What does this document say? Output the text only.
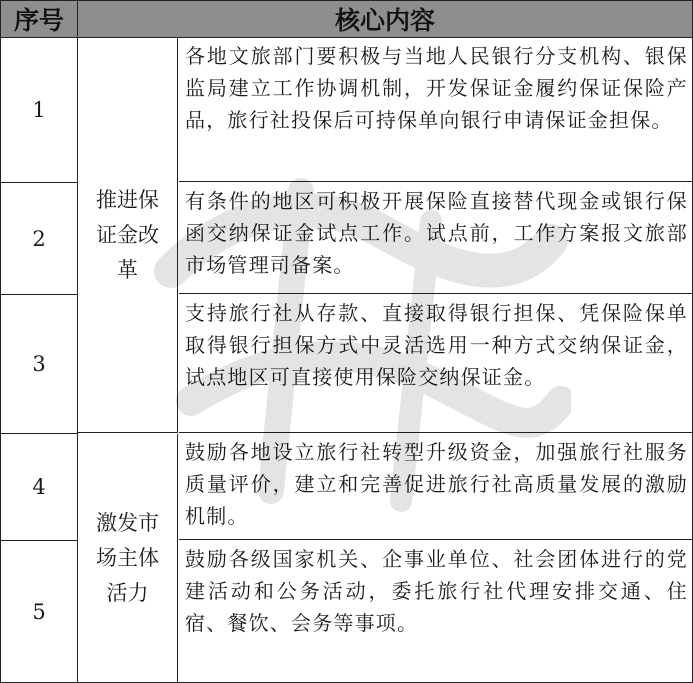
序号	核心内容
1
2
3
4
5
推进保
证金改
革
激发市
场主体
活力
各地文旅部门要积极与当地人民银行分支机构、银保监局建立工作协调机制，开发保证金履约保证保险产品，旅行社投保后可持保单向银行申请保证金担保。
有条件的地区可积极开展保险直接替代现金或银行保函交纳保证金试点工作。试点前，工作方案报文旅部市场管理司备案。
支持旅行社从存款、直接取得银行担保、凭保险保单取得银行担保方式中灵活选用一种方式交纳保证金，试点地区可直接使用保险交纳保证金。
鼓励各地设立旅行社转型升级资金，加强旅行社服务质量评价，建立和完善促进旅行社高质量发展的激励机制。
鼓励各级国家机关、企事业单位、社会团体进行的党建活动和公务活动，委托旅行社代理安排交通、住宿、餐饮、会务等事项。
